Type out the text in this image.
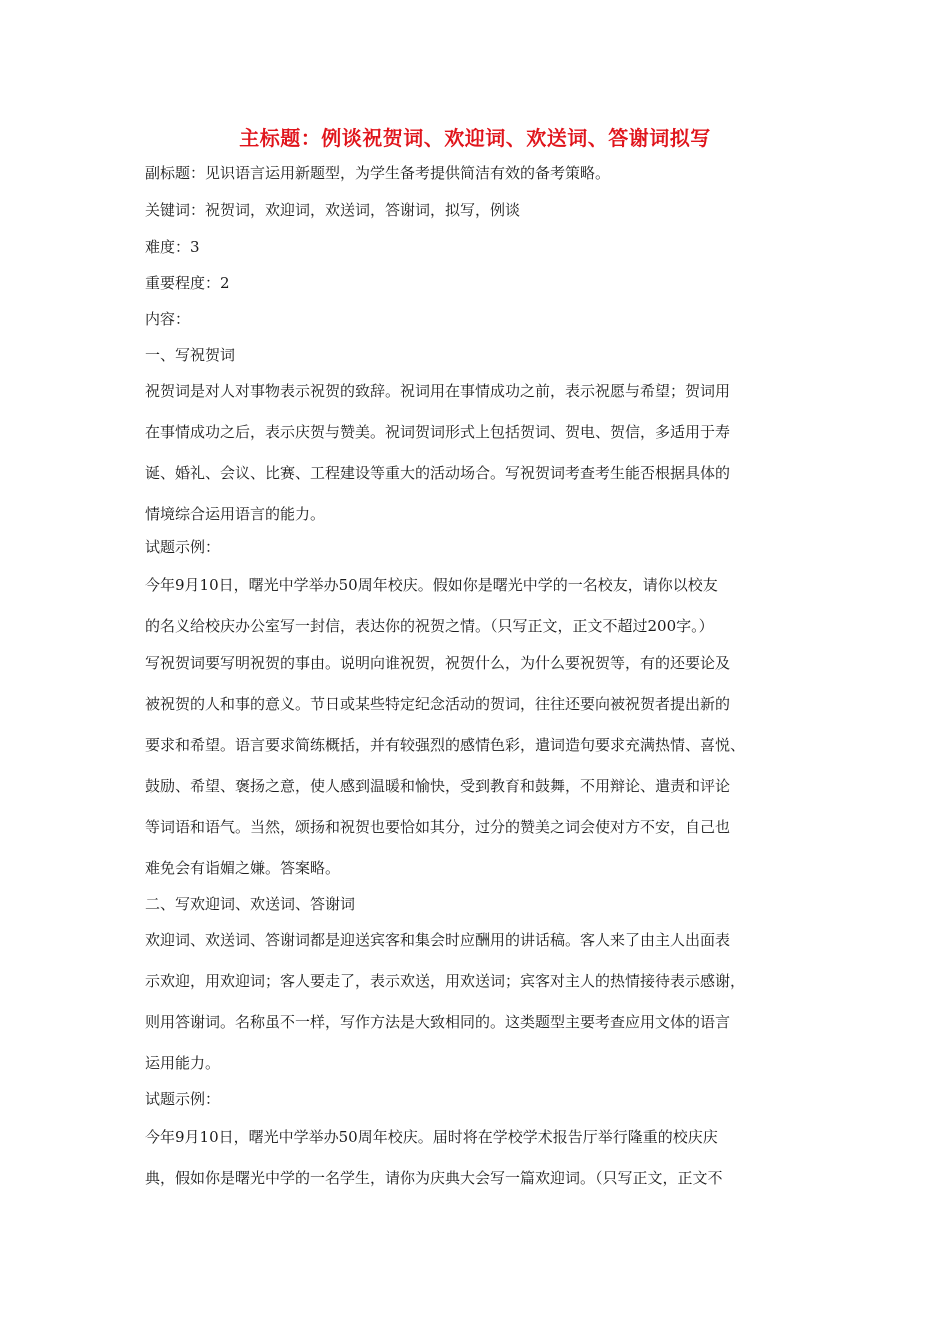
主标题：例谈祝贺词、欢迎词、欢送词、答谢词拟写
副标题：见识语言运用新题型，为学生备考提供简洁有效的备考策略。
关键词：祝贺词，欢迎词，欢送词，答谢词，拟写，例谈
难度：3
重要程度：2
内容：
一、写祝贺词
祝贺词是对人对事物表示祝贺的致辞。祝词用在事情成功之前，表示祝愿与希望；贺词用
在事情成功之后，表示庆贺与赞美。祝词贺词形式上包括贺词、贺电、贺信，多适用于寿
诞、婚礼、会议、比赛、工程建设等重大的活动场合。写祝贺词考查考生能否根据具体的
情境综合运用语言的能力。
试题示例：
今年9月10日，曙光中学举办50周年校庆。假如你是曙光中学的一名校友，请你以校友
的名义给校庆办公室写一封信，表达你的祝贺之情。（只写正文，正文不超过200字。）
写祝贺词要写明祝贺的事由。说明向谁祝贺，祝贺什么，为什么要祝贺等，有的还要论及
被祝贺的人和事的意义。节日或某些特定纪念活动的贺词，往往还要向被祝贺者提出新的
要求和希望。语言要求简练概括，并有较强烈的感情色彩，遣词造句要求充满热情、喜悦、
鼓励、希望、褒扬之意，使人感到温暖和愉快，受到教育和鼓舞，不用辩论、遣责和评论
等词语和语气。当然，颂扬和祝贺也要恰如其分，过分的赞美之词会使对方不安，自己也
难免会有诣媚之嫌。答案略。
二、写欢迎词、欢送词、答谢词
欢迎词、欢送词、答谢词都是迎送宾客和集会时应酬用的讲话稿。客人来了由主人出面表
示欢迎，用欢迎词；客人要走了，表示欢送，用欢送词；宾客对主人的热情接待表示感谢，
则用答谢词。名称虽不一样，写作方法是大致相同的。这类题型主要考查应用文体的语言
运用能力。
试题示例：
今年9月10日，曙光中学举办50周年校庆。届时将在学校学术报告厅举行隆重的校庆庆
典，假如你是曙光中学的一名学生，请你为庆典大会写一篇欢迎词。（只写正文，正文不
